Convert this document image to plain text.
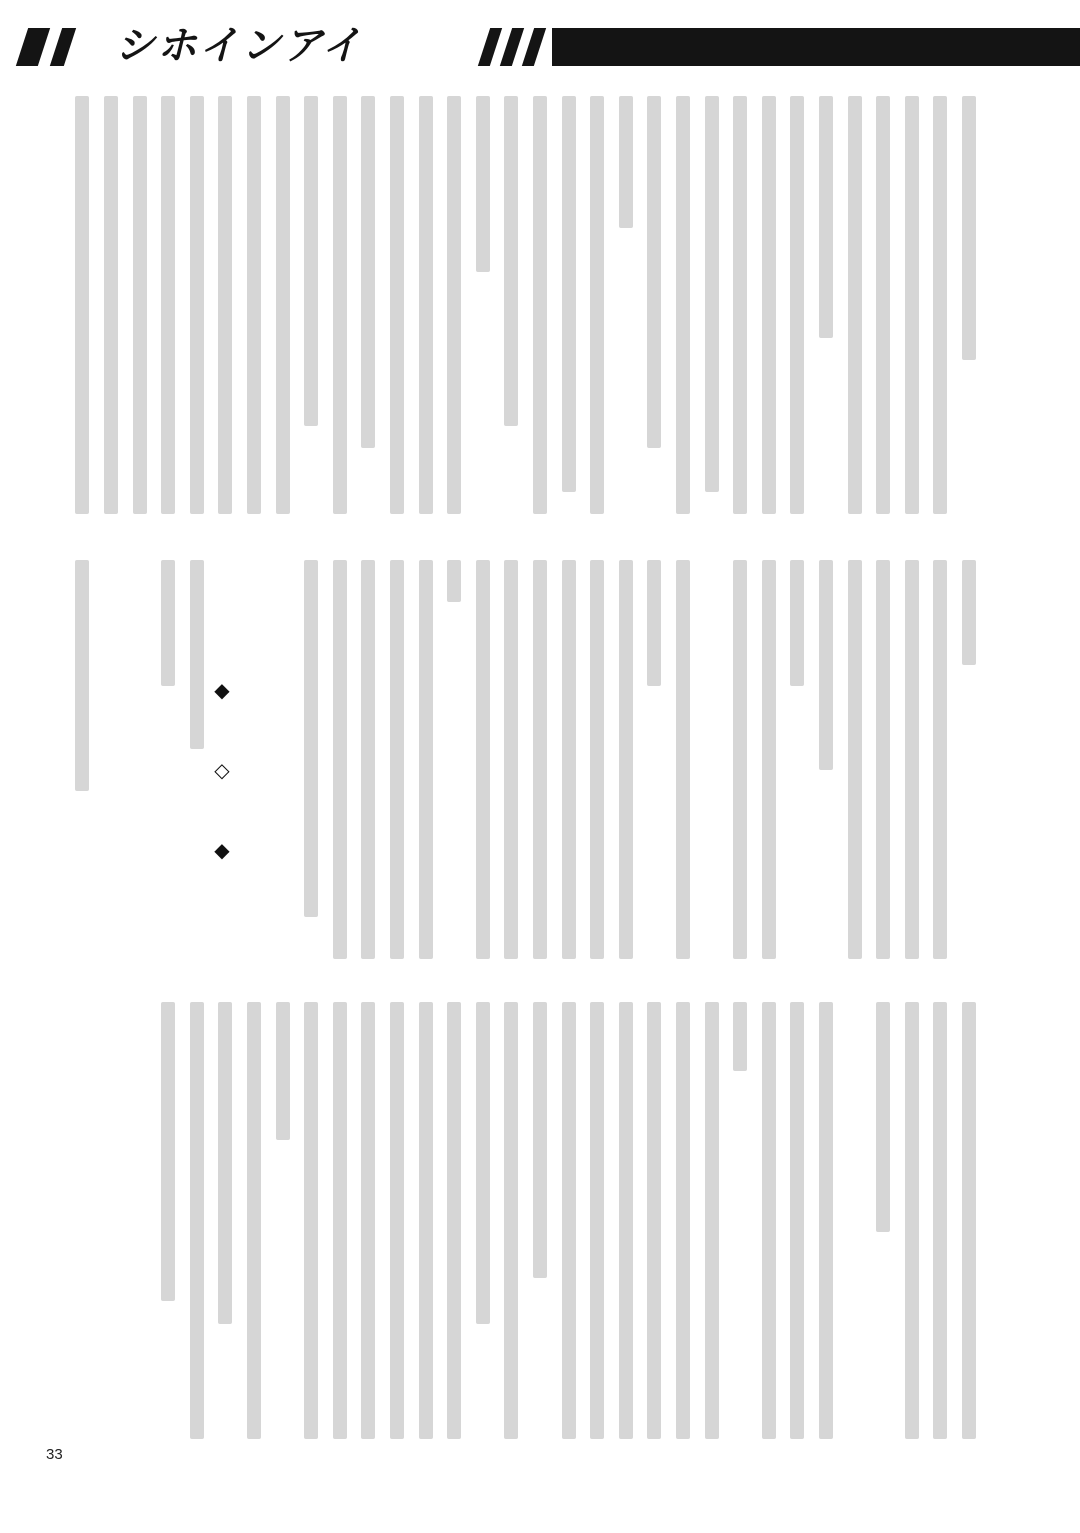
シホインアイ
◆
◇
◆
33
